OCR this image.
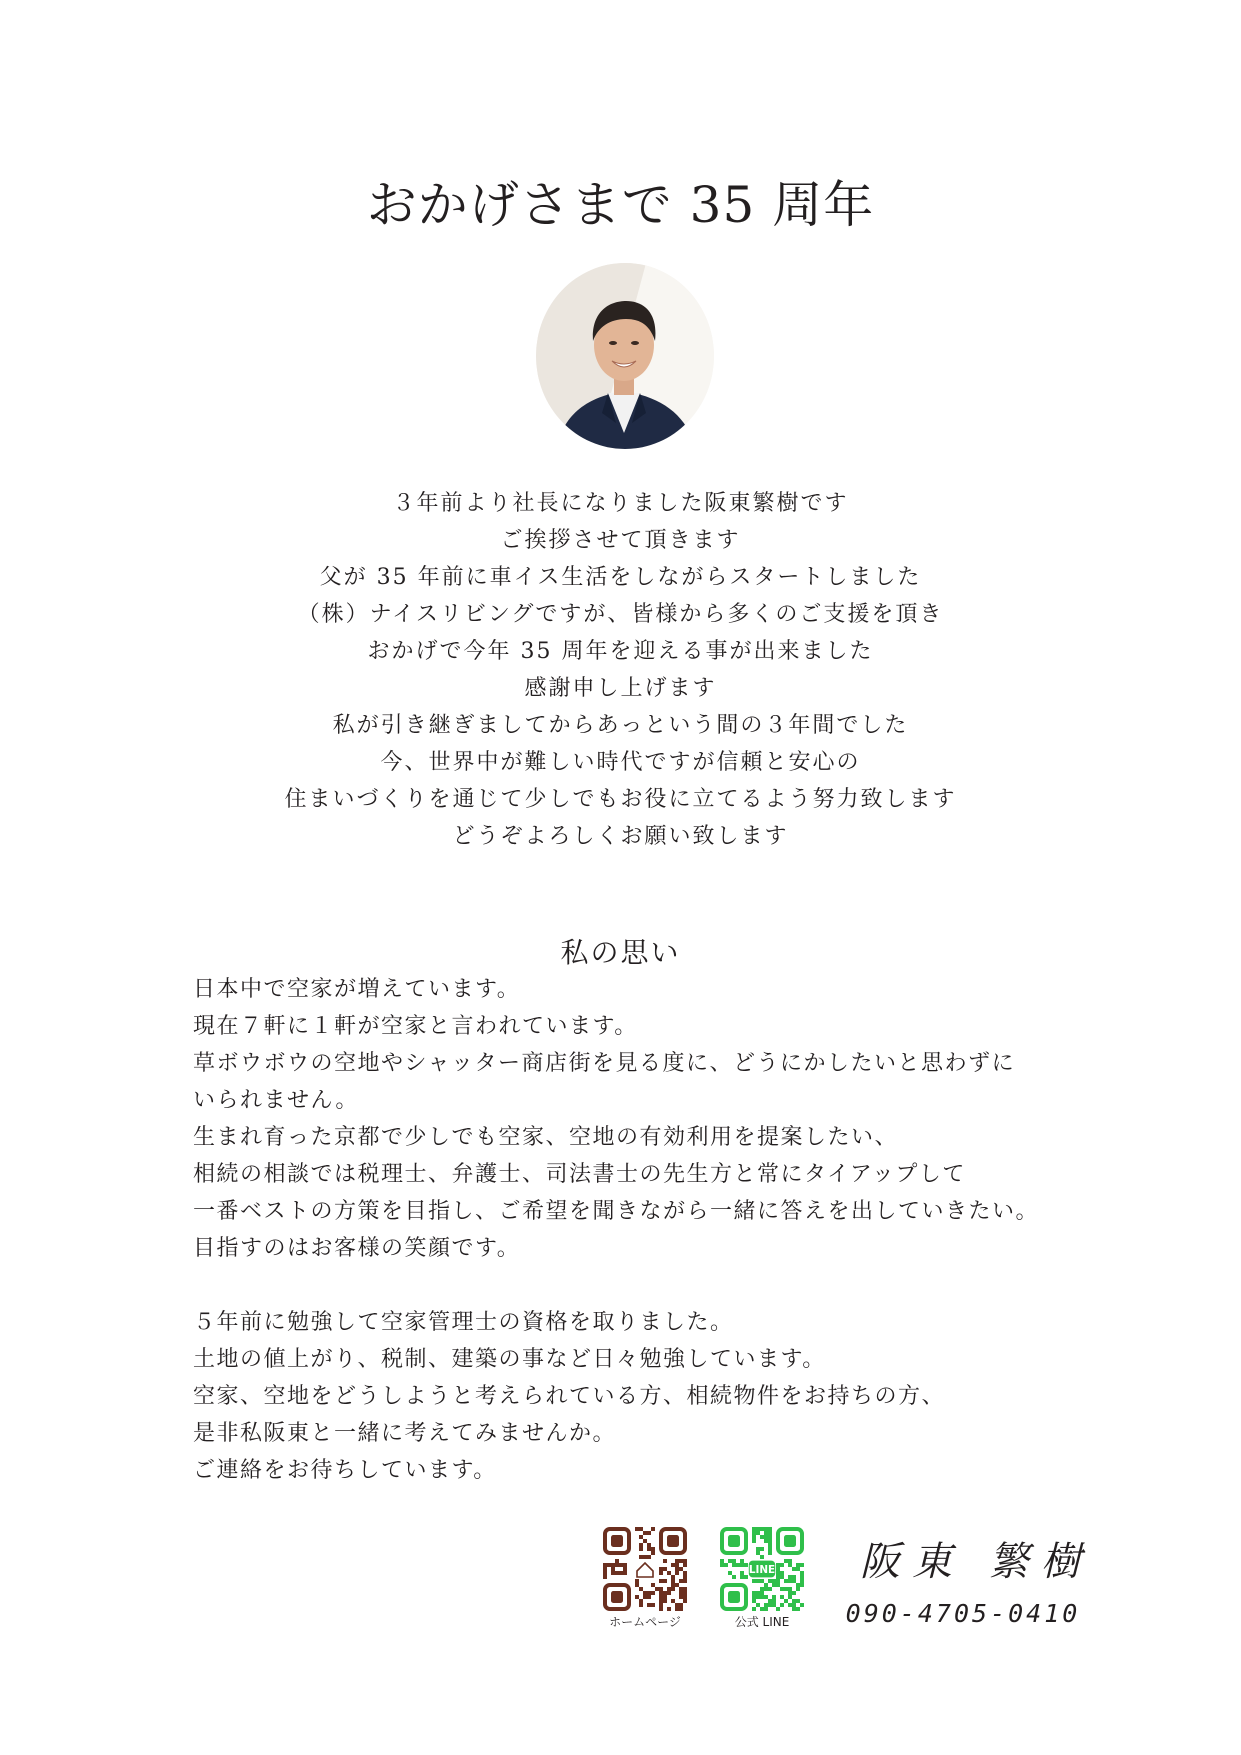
おかげさまで 35 周年
３年前より社長になりました阪東繁樹です
ご挨拶させて頂きます
父が 35 年前に車イス生活をしながらスタートしました
（株）ナイスリビングですが、皆様から多くのご支援を頂き
おかげで今年 35 周年を迎える事が出来ました
感謝申し上げます
私が引き継ぎましてからあっという間の３年間でした
今、世界中が難しい時代ですが信頼と安心の
住まいづくりを通じて少しでもお役に立てるよう努力致します
どうぞよろしくお願い致します
私の思い
日本中で空家が増えています。
現在７軒に１軒が空家と言われています。
草ボウボウの空地やシャッター商店街を見る度に、どうにかしたいと思わずに
いられません。
生まれ育った京都で少しでも空家、空地の有効利用を提案したい、
相続の相談では税理士、弁護士、司法書士の先生方と常にタイアップして
一番ベストの方策を目指し、ご希望を聞きながら一緒に答えを出していきたい。
目指すのはお客様の笑顔です。
５年前に勉強して空家管理士の資格を取りました。
土地の値上がり、税制、建築の事など日々勉強しています。
空家、空地をどうしようと考えられている方、相続物件をお持ちの方、
是非私阪東と一緒に考えてみませんか。
ご連絡をお待ちしています。
ホームページ
LINE
公式 LINE
阪東 繁樹
090-4705-0410
